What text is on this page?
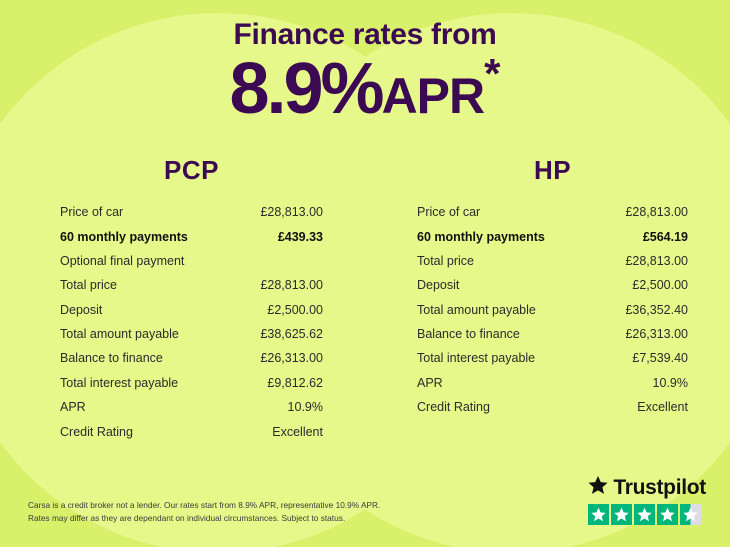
Finance rates from
8.9%APR*
PCP
Price of car	£28,813.00
60 monthly payments	£439.33
Optional final payment
Total price	£28,813.00
Deposit	£2,500.00
Total amount payable	£38,625.62
Balance to finance	£26,313.00
Total interest payable	£9,812.62
APR	10.9%
Credit Rating	Excellent
HP
Price of car	£28,813.00
60 monthly payments	£564.19
Total price	£28,813.00
Deposit	£2,500.00
Total amount payable	£36,352.40
Balance to finance	£26,313.00
Total interest payable	£7,539.40
APR	10.9%
Credit Rating	Excellent
Carsa is a credit broker not a lender. Our rates start from 8.9% APR, representative 10.9% APR.
Rates may differ as they are dependant on individual circumstances. Subject to status.
Trustpilot
